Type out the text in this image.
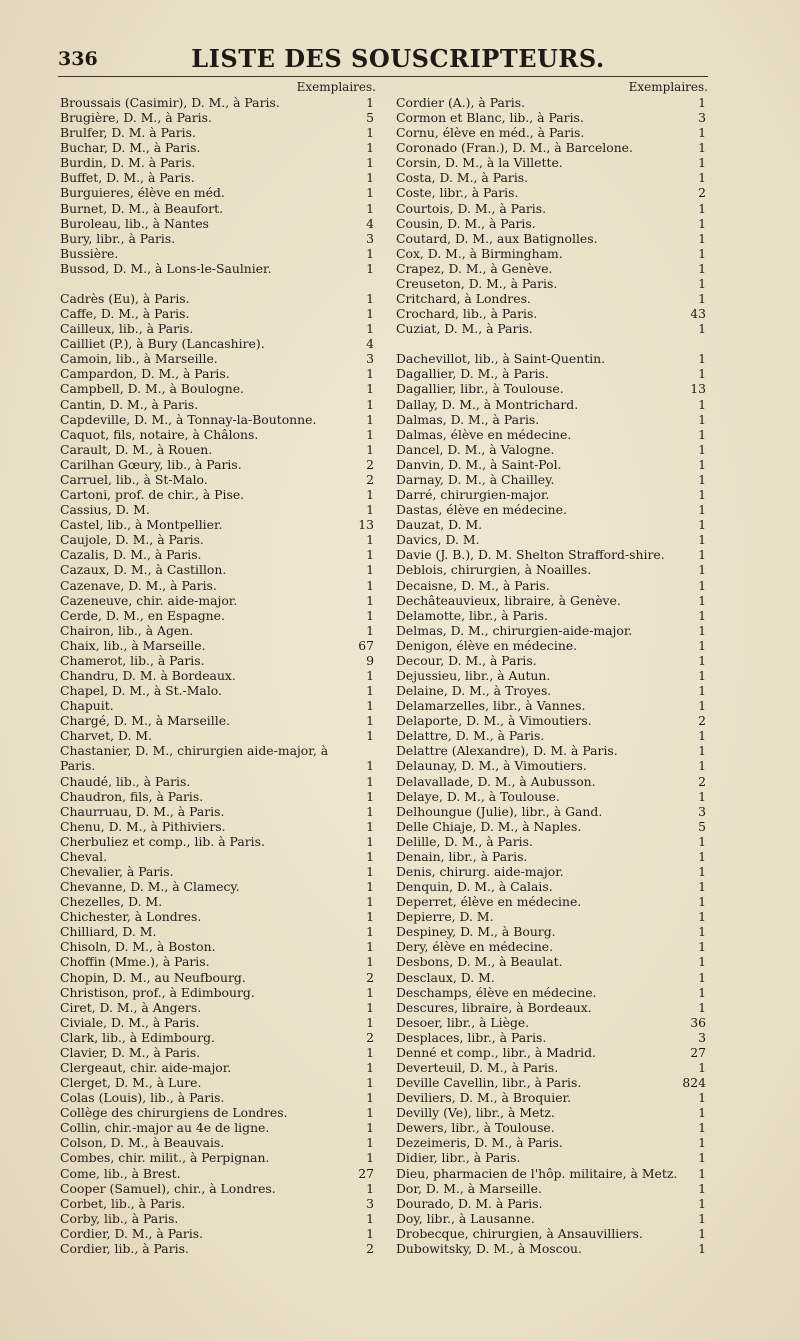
336	LISTE DES SOUSCRIPTEURS.
Exemplaires.
Broussais (Casimir), D. M., à Paris.	1
Brugière, D. M., à Paris.	5
Brulfer, D. M. à Paris.	1
Buchar, D. M., à Paris.	1
Burdin, D. M. à Paris.	1
Buffet, D. M., à Paris.	1
Burguieres, élève en méd.	1
Burnet, D. M., à Beaufort.	1
Buroleau, lib., à Nantes	4
Bury, libr., à Paris.	3
Bussière.	1
Bussod, D. M., à Lons-le-Saulnier.	1
Cadrès (Eu), à Paris.	1
Caffe, D. M., à Paris.	1
Cailleux, lib., à Paris.	1
Cailliet (P.), à Bury (Lancashire).	4
Camoin, lib., à Marseille.	3
Campardon, D. M., à Paris.	1
Campbell, D. M., à Boulogne.	1
Cantin, D. M., à Paris.	1
Capdeville, D. M., à Tonnay-la-Boutonne.	1
Caquot, fils, notaire, à Châlons.	1
Carault, D. M., à Rouen.	1
Carilhan Gœury, lib., à Paris.	2
Carruel, lib., à St-Malo.	2
Cartoni, prof. de chir., à Pise.	1
Cassius, D. M.	1
Castel, lib., à Montpellier.	13
Caujole, D. M., à Paris.	1
Cazalis, D. M., à Paris.	1
Cazaux, D. M., à Castillon.	1
Cazenave, D. M., à Paris.	1
Cazeneuve, chir. aide-major.	1
Cerde, D. M., en Espagne.	1
Chairon, lib., à Agen.	1
Chaix, lib., à Marseille.	67
Chamerot, lib., à Paris.	9
Chandru, D. M. à Bordeaux.	1
Chapel, D. M., à St.-Malo.	1
Chapuit.	1
Chargé, D. M., à Marseille.	1
Charvet, D. M.	1
Chastanier, D. M., chirurgien aide-major, à
Paris.	1
Chaudé, lib., à Paris.	1
Chaudron, fils, à Paris.	1
Chaurruau, D. M., à Paris.	1
Chenu, D. M., à Pithiviers.	1
Cherbuliez et comp., lib. à Paris.	1
Cheval.	1
Chevalier, à Paris.	1
Chevanne, D. M., à Clamecy.	1
Chezelles, D. M.	1
Chichester, à Londres.	1
Chilliard, D. M.	1
Chisoln, D. M., à Boston.	1
Choffin (Mme.), à Paris.	1
Chopin, D. M., au Neufbourg.	2
Christison, prof., à Edimbourg.	1
Ciret, D. M., à Angers.	1
Civiale, D. M., à Paris.	1
Clark, lib., à Edimbourg.	2
Clavier, D. M., à Paris.	1
Clergeaut, chir. aide-major.	1
Clerget, D. M., à Lure.	1
Colas (Louis), lib., à Paris.	1
Collège des chirurgiens de Londres.	1
Collin, chir.-major au 4e de ligne.	1
Colson, D. M., à Beauvais.	1
Combes, chir. milit., à Perpignan.	1
Come, lib., à Brest.	27
Cooper (Samuel), chir., à Londres.	1
Corbet, lib., à Paris.	3
Corby, lib., à Paris.	1
Cordier, D. M., à Paris.	1
Cordier, lib., à Paris.	2
Exemplaires.
Cordier (A.), à Paris.	1
Cormon et Blanc, lib., à Paris.	3
Cornu, élève en méd., à Paris.	1
Coronado (Fran.), D. M., à Barcelone.	1
Corsin, D. M., à la Villette.	1
Costa, D. M., à Paris.	1
Coste, libr., à Paris.	2
Courtois, D. M., à Paris.	1
Cousin, D. M., à Paris.	1
Coutard, D. M., aux Batignolles.	1
Cox, D. M., à Birmingham.	1
Crapez, D. M., à Genève.	1
Creuseton, D. M., à Paris.	1
Critchard, à Londres.	1
Crochard, lib., à Paris.	43
Cuziat, D. M., à Paris.	1
Dachevillot, lib., à Saint-Quentin.	1
Dagallier, D. M., à Paris.	1
Dagallier, libr., à Toulouse.	13
Dallay, D. M., à Montrichard.	1
Dalmas, D. M., à Paris.	1
Dalmas, élève en médecine.	1
Dancel, D. M., à Valogne.	1
Danvin, D. M., à Saint-Pol.	1
Darnay, D. M., à Chailley.	1
Darré, chirurgien-major.	1
Dastas, élève en médecine.	1
Dauzat, D. M.	1
Davics, D. M.	1
Davie (J. B.), D. M. Shelton Strafford-shire.	1
Deblois, chirurgien, à Noailles.	1
Decaisne, D. M., à Paris.	1
Dechâteauvieux, libraire, à Genève.	1
Delamotte, libr., à Paris.	1
Delmas, D. M., chirurgien-aide-major.	1
Denigon, élève en médecine.	1
Decour, D. M., à Paris.	1
Dejussieu, libr., à Autun.	1
Delaine, D. M., à Troyes.	1
Delamarzelles, libr., à Vannes.	1
Delaporte, D. M., à Vimoutiers.	2
Delattre, D. M., à Paris.	1
Delattre (Alexandre), D. M. à Paris.	1
Delaunay, D. M., à Vimoutiers.	1
Delavallade, D. M., à Aubusson.	2
Delaye, D. M., à Toulouse.	1
Delhoungue (Julie), libr., à Gand.	3
Delle Chiaje, D. M., à Naples.	5
Delille, D. M., à Paris.	1
Denain, libr., à Paris.	1
Denis, chirurg. aide-major.	1
Denquin, D. M., à Calais.	1
Deperret, élève en médecine.	1
Depierre, D. M.	1
Despiney, D. M., à Bourg.	1
Dery, élève en médecine.	1
Desbons, D. M., à Beaulat.	1
Desclaux, D. M.	1
Deschamps, élève en médecine.	1
Descures, libraire, à Bordeaux.	1
Desoer, libr., à Liège.	36
Desplaces, libr., à Paris.	3
Denné et comp., libr., à Madrid.	27
Deverteuil, D. M., à Paris.	1
Deville Cavellin, libr., à Paris.	824
Deviliers, D. M., à Broquier.	1
Devilly (Ve), libr., à Metz.	1
Dewers, libr., à Toulouse.	1
Dezeimeris, D. M., à Paris.	1
Didier, libr., à Paris.	1
Dieu, pharmacien de l'hôp. militaire, à Metz. 1
Dor, D. M., à Marseille.	1
Dourado, D. M. à Paris.	1
Doy, libr., à Lausanne.	1
Drobecque, chirurgien, à Ansauvilliers.	1
Dubowitsky, D. M., à Moscou.	1
